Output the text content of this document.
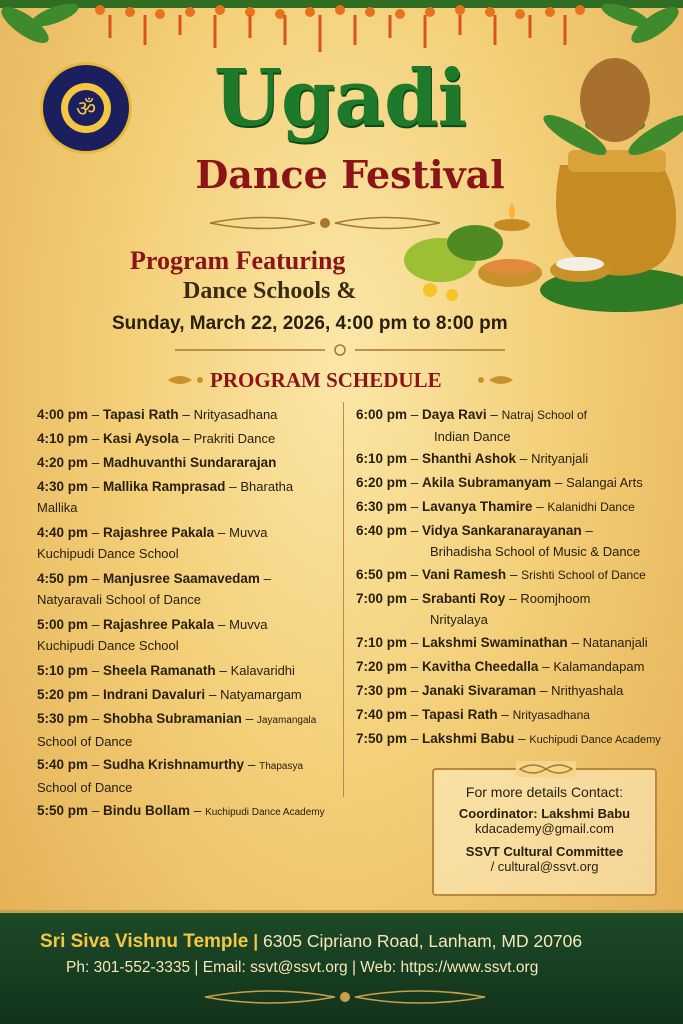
ॐ	Ugadi
Dance Festival
Program Featuring
Dance Schools &
Sunday, March 22, 2026, 4:00 pm to 8:00 pm
PROGRAM SCHEDULE
4:00 pm – Tapasi Rath – Nrityasadhana
4:10 pm – Kasi Aysola – Prakriti Dance
4:20 pm – Madhuvanthi Sundararajan
4:30 pm – Mallika Ramprasad – Bharatha
Mallika
4:40 pm – Rajashree Pakala – Muvva
Kuchipudi Dance School
4:50 pm – Manjusree Saamavedam –
Natyaravali School of Dance
5:00 pm – Rajashree Pakala – Muvva
Kuchipudi Dance School
5:10 pm – Sheela Ramanath – Kalavaridhi
5:20 pm – Indrani Davaluri – Natyamargam
5:30 pm – Shobha Subramanian – Jayamangala
School of Dance
5:40 pm – Sudha Krishnamurthy – Thapasya
School of Dance
5:50 pm – Bindu Bollam – Kuchipudi Dance Academy
6:00 pm – Daya Ravi – Natraj School of
Indian Dance
6:10 pm – Shanthi Ashok – Nrityanjali
6:20 pm – Akila Subramanyam – Salangai Arts
6:30 pm – Lavanya Thamire – Kalanidhi Dance
6:40 pm – Vidya Sankaranarayanan –
Brihadisha School of Music & Dance
6:50 pm – Vani Ramesh – Srishti School of Dance
7:00 pm – Srabanti Roy – Roomjhoom
Nrityalaya
7:10 pm – Lakshmi Swaminathan – Natananjali
7:20 pm – Kavitha Cheedalla – Kalamandapam
7:30 pm – Janaki Sivaraman – Nrithyashala
7:40 pm – Tapasi Rath – Nrityasadhana
7:50 pm – Lakshmi Babu – Kuchipudi Dance Academy
For more details Contact:
Coordinator: Lakshmi Babu
kdacademy@gmail.com
SSVT Cultural Committee
/ cultural@ssvt.org
Sri Siva Vishnu Temple | 6305 Cipriano Road, Lanham, MD 20706
Ph: 301-552-3335 | Email: ssvt@ssvt.org | Web: https://www.ssvt.org
